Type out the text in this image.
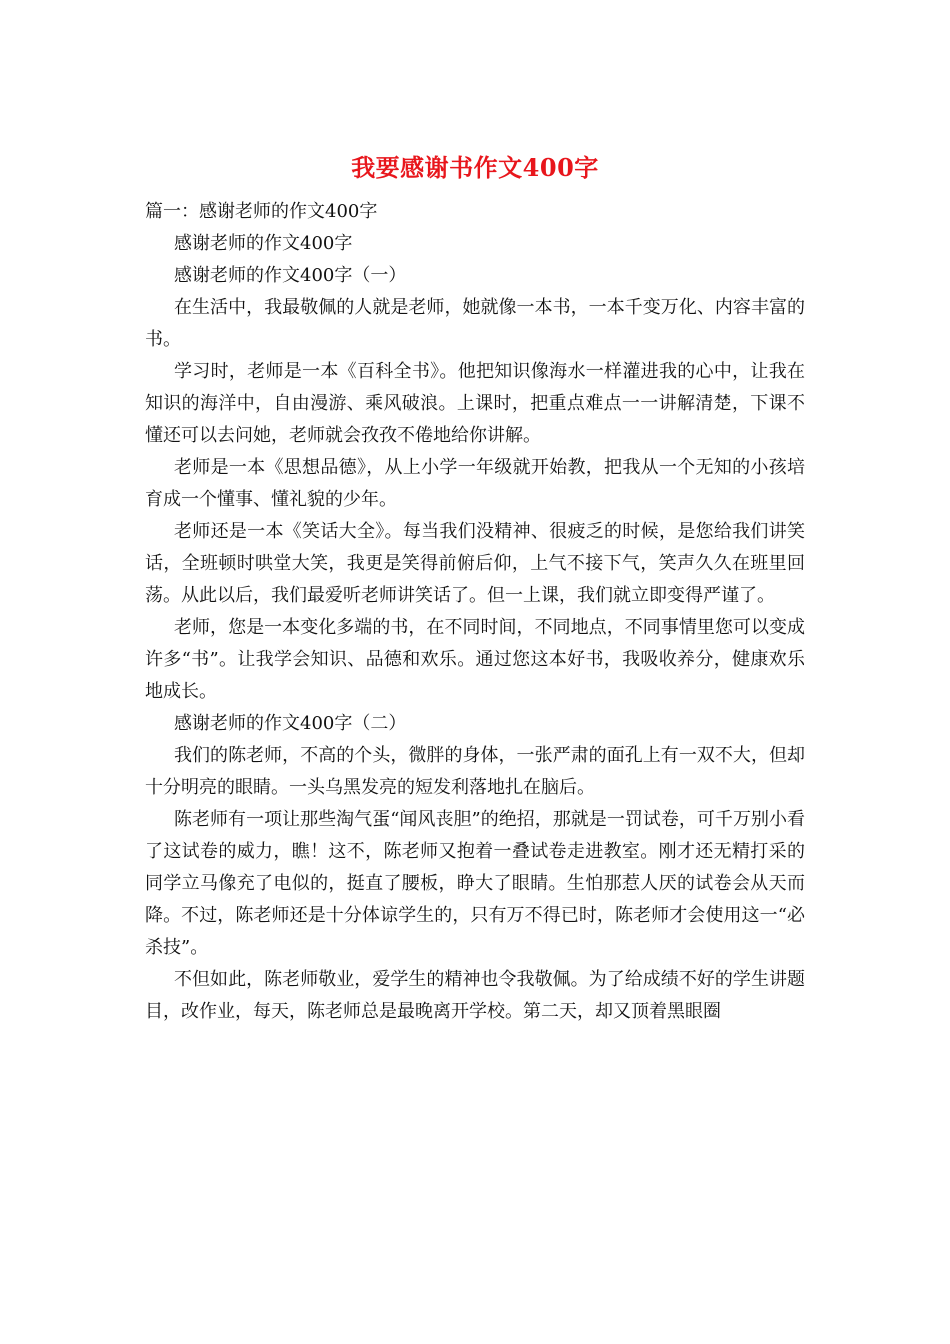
我要感谢书作文400字

篇一：感谢老师的作文400字

感谢老师的作文400字

感谢老师的作文400字（一）

在生活中，我最敬佩的人就是老师，她就像一本书，一本千变万化、内容丰富的书。

学习时，老师是一本《百科全书》。他把知识像海水一样灌进我的心中，让我在知识的海洋中，自由漫游、乘风破浪。上课时，把重点难点一一讲解清楚，下课不懂还可以去问她，老师就会孜孜不倦地给你讲解。

老师是一本《思想品德》，从上小学一年级就开始教，把我从一个无知的小孩培育成一个懂事、懂礼貌的少年。

老师还是一本《笑话大全》。每当我们没精神、很疲乏的时候，是您给我们讲笑话，全班顿时哄堂大笑，我更是笑得前俯后仰，上气不接下气，笑声久久在班里回荡。从此以后，我们最爱听老师讲笑话了。但一上课，我们就立即变得严谨了。

老师，您是一本变化多端的书，在不同时间，不同地点，不同事情里您可以变成许多“书”。让我学会知识、品德和欢乐。通过您这本好书，我吸收养分，健康欢乐地成长。

感谢老师的作文400字（二）

我们的陈老师，不高的个头，微胖的身体，一张严肃的面孔上有一双不大，但却十分明亮的眼睛。一头乌黑发亮的短发利落地扎在脑后。

陈老师有一项让那些淘气蛋“闻风丧胆”的绝招，那就是一罚试卷，可千万别小看了这试卷的威力，瞧！这不，陈老师又抱着一叠试卷走进教室。刚才还无精打采的同学立马像充了电似的，挺直了腰板，睁大了眼睛。生怕那惹人厌的试卷会从天而降。不过，陈老师还是十分体谅学生的，只有万不得已时，陈老师才会使用这一“必杀技”。

不但如此，陈老师敬业，爱学生的精神也令我敬佩。为了给成绩不好的学生讲题目，改作业，每天，陈老师总是最晚离开学校。第二天，却又顶着黑眼圈
